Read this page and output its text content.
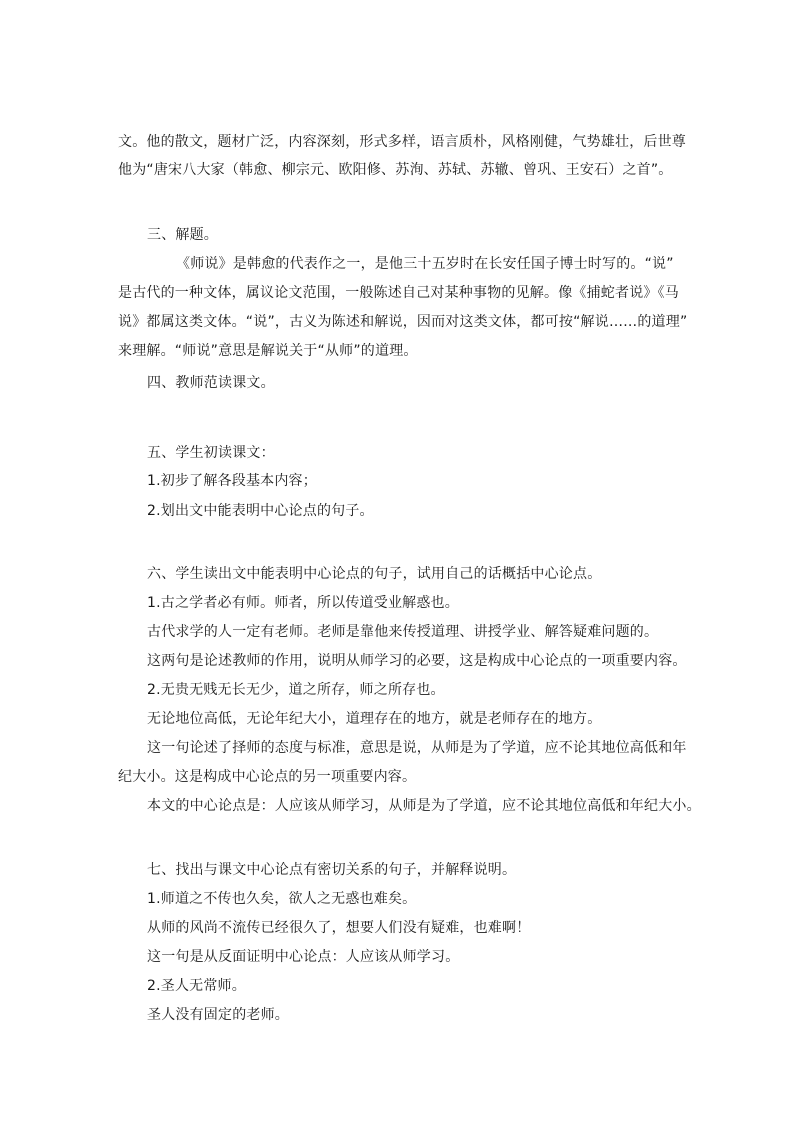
文。他的散文，题材广泛，内容深刻，形式多样，语言质朴，风格刚健，气势雄壮，后世尊
他为“唐宋八大家（韩愈、柳宗元、欧阳修、苏洵、苏轼、苏辙、曾巩、王安石）之首”。
三、解题。
《师说》是韩愈的代表作之一，是他三十五岁时在长安任国子博士时写的。“说”
是古代的一种文体，属议论文范围，一般陈述自己对某种事物的见解。像《捕蛇者说》《马
说》都属这类文体。“说”，古义为陈述和解说，因而对这类文体，都可按“解说……的道理”
来理解。“师说”意思是解说关于“从师”的道理。
四、教师范读课文。
五、学生初读课文：
1.初步了解各段基本内容；
2.划出文中能表明中心论点的句子。
六、学生读出文中能表明中心论点的句子，试用自己的话概括中心论点。
1.古之学者必有师。师者，所以传道受业解惑也。
古代求学的人一定有老师。老师是靠他来传授道理、讲授学业、解答疑难问题的。
这两句是论述教师的作用，说明从师学习的必要，这是构成中心论点的一项重要内容。
2.无贵无贱无长无少，道之所存，师之所存也。
无论地位高低，无论年纪大小，道理存在的地方，就是老师存在的地方。
这一句论述了择师的态度与标准，意思是说，从师是为了学道，应不论其地位高低和年
纪大小。这是构成中心论点的另一项重要内容。
本文的中心论点是：人应该从师学习，从师是为了学道，应不论其地位高低和年纪大小。
七、找出与课文中心论点有密切关系的句子，并解释说明。
1.师道之不传也久矣，欲人之无惑也难矣。
从师的风尚不流传已经很久了，想要人们没有疑难，也难啊！
这一句是从反面证明中心论点：人应该从师学习。
2.圣人无常师。
圣人没有固定的老师。
